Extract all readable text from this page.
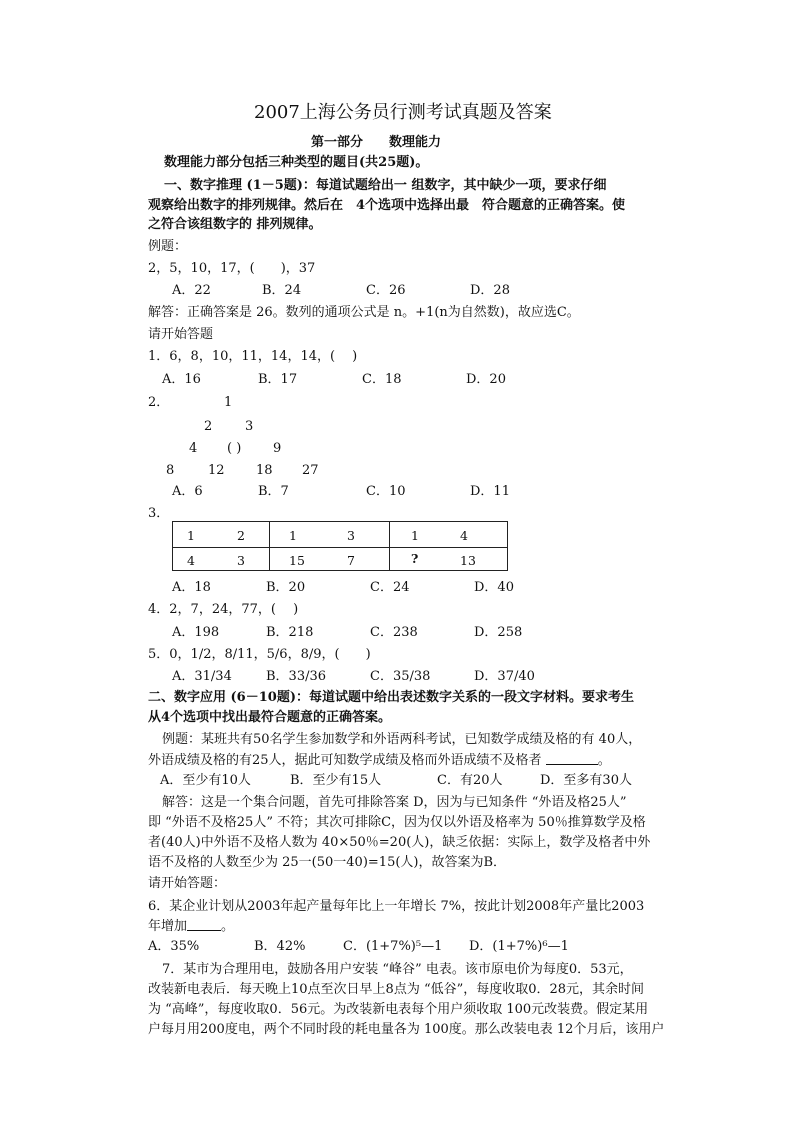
2007上海公务员行测考试真题及答案
第一部分　　数理能力
数理能力部分包括三种类型的题目(共25题)。
一、数字推理 (1－5题)：每道试题给出一 组数字，其中缺少一项，要求仔细
观察给出数字的排列规律。然后在　4个选项中选择出最　符合题意的正确答案。使
之符合该组数字的 排列规律。
例题：
2，5，10，17，(　　)，37
A．22	B．24	C．26	D．28
解答：正确答案是 26。数列的通项公式是 n。+1(n为自然数)，故应选C。
请开始答题
1．6，8，10，11，14，14，(　 )
A．16	B．17	C．18	D．20
2．	1
2	3
4 ( ) 9
8	12 18 27
A．6	B．7	C．10	D．11
3．
1	2	1	3	1	4
4	3	15	7	?	13
A．18	B．20	C．24	D．40
4．2，7，24，77，(　 )
A．198	B．218	C．238	D．258
5．0，1/2，8/11，5/6，8/9，(　　)
A．31/34	B．33/36	C．35/38	D．37/40
二、数字应用 (6－10题)：每道试题中给出表述数字关系的一段文字材料。要求考生
从4个选项中找出最符合题意的正确答案。
例题：某班共有50名学生参加数学和外语两科考试，已知数学成绩及格的有 40人，
外语成绩及格的有25人，据此可知数学成绩及格而外语成绩不及格者	。
A．至少有10人	B．至少有15人	C．有20人	D．至多有30人
解答：这是一个集合问题，首先可排除答案 D，因为与已知条件 “外语及格25人”
即 “外语不及格25人” 不符；其次可排除C，因为仅以外语及格率为 50％推算数学及格
者(40人)中外语不及格人数为 40×50％=20(人)，缺乏依据：实际上，数学及格者中外
语不及格的人数至少为 25一(50一40)=15(人)，故答案为B．
请开始答题：
6．某企业计划从2003年起产量每年比上一年增长 7%，按此计划2008年产量比2003
年增加	。
A．35%	B．42%	C．(1+7%)⁵—1 D．(1+7%)⁶—1
7．某市为合理用电，鼓励各用户安装 “峰谷” 电表。该市原电价为每度0．53元，
改装新电表后．每天晚上10点至次日早上8点为 “低谷”，每度收取0．28元，其余时间
为 “高峰”，每度收取0．56元。为改装新电表每个用户须收取 100元改装费。假定某用
户每月用200度电，两个不同时段的耗电量各为 100度。那么改装电表 12个月后，该用户
